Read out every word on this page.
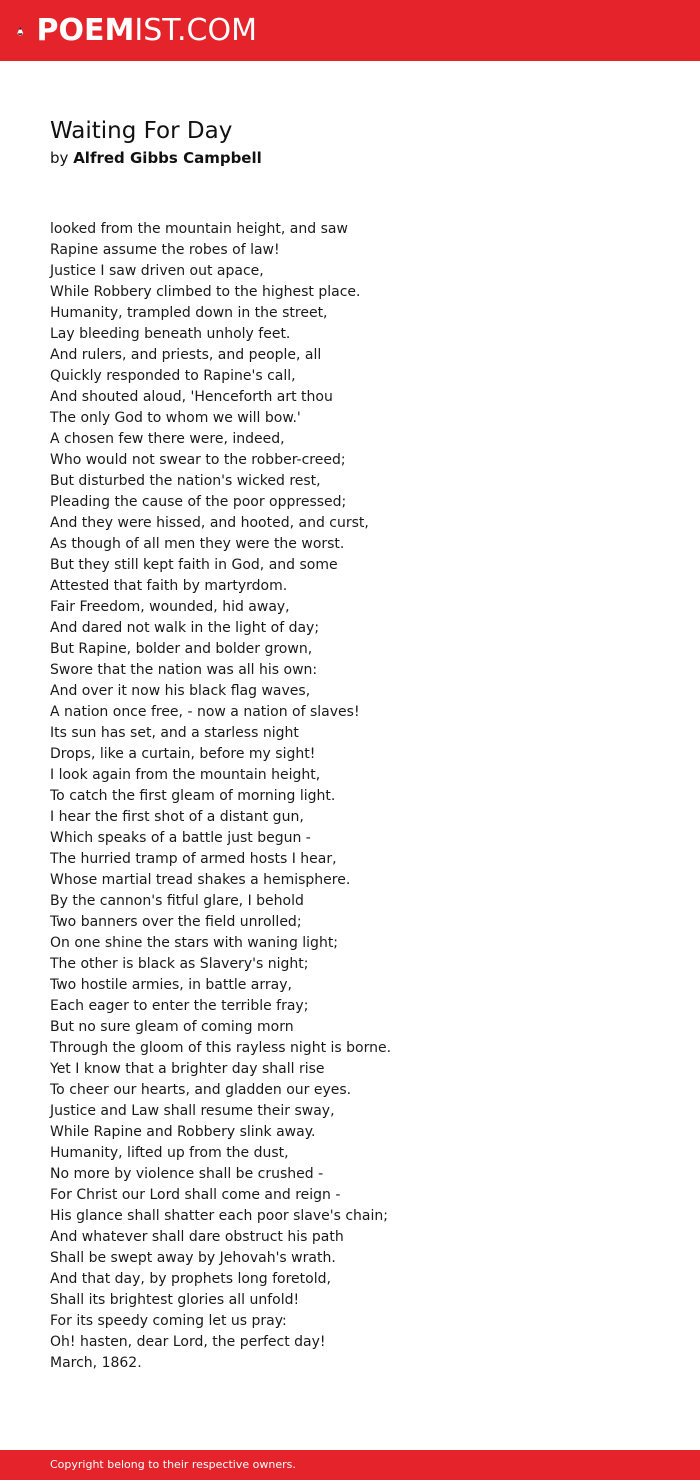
POEMIST.COM
Waiting For Day
by Alfred Gibbs Campbell
looked from the mountain height, and saw
Rapine assume the robes of law!
Justice I saw driven out apace,
While Robbery climbed to the highest place.
Humanity, trampled down in the street,
Lay bleeding beneath unholy feet.
And rulers, and priests, and people, all
Quickly responded to Rapine's call,
And shouted aloud, 'Henceforth art thou
The only God to whom we will bow.'
A chosen few there were, indeed,
Who would not swear to the robber-creed;
But disturbed the nation's wicked rest,
Pleading the cause of the poor oppressed;
And they were hissed, and hooted, and curst,
As though of all men they were the worst.
But they still kept faith in God, and some
Attested that faith by martyrdom.
Fair Freedom, wounded, hid away,
And dared not walk in the light of day;
But Rapine, bolder and bolder grown,
Swore that the nation was all his own:
And over it now his black flag waves,
A nation once free, - now a nation of slaves!
Its sun has set, and a starless night
Drops, like a curtain, before my sight!
I look again from the mountain height,
To catch the first gleam of morning light.
I hear the first shot of a distant gun,
Which speaks of a battle just begun -
The hurried tramp of armed hosts I hear,
Whose martial tread shakes a hemisphere.
By the cannon's fitful glare, I behold
Two banners over the field unrolled;
On one shine the stars with waning light;
The other is black as Slavery's night;
Two hostile armies, in battle array,
Each eager to enter the terrible fray;
But no sure gleam of coming morn
Through the gloom of this rayless night is borne.
Yet I know that a brighter day shall rise
To cheer our hearts, and gladden our eyes.
Justice and Law shall resume their sway,
While Rapine and Robbery slink away.
Humanity, lifted up from the dust,
No more by violence shall be crushed -
For Christ our Lord shall come and reign -
His glance shall shatter each poor slave's chain;
And whatever shall dare obstruct his path
Shall be swept away by Jehovah's wrath.
And that day, by prophets long foretold,
Shall its brightest glories all unfold!
For its speedy coming let us pray:
Oh! hasten, dear Lord, the perfect day!
March, 1862.
Copyright belong to their respective owners.
